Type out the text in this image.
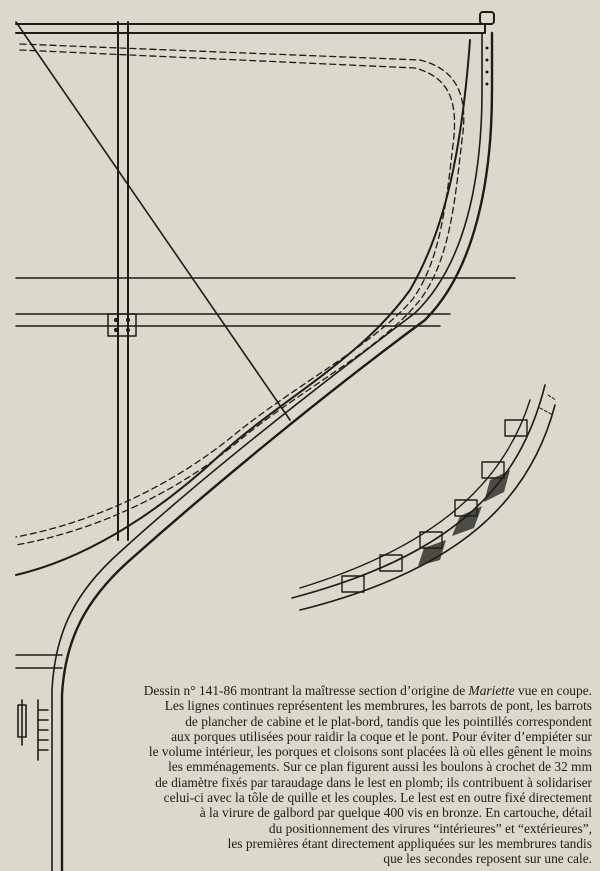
Dessin n° 141-86 montrant la maîtresse section d’origine de Mariette vue en coupe.
Les lignes continues représentent les membrures, les barrots de pont, les barrots
de plancher de cabine et le plat-bord, tandis que les pointillés correspondent
aux porques utilisées pour raidir la coque et le pont. Pour éviter d’empiéter sur
le volume intérieur, les porques et cloisons sont placées là où elles gênent le moins
les emménagements. Sur ce plan figurent aussi les boulons à crochet de 32 mm
de diamètre fixés par taraudage dans le lest en plomb; ils contribuent à solidariser
celui-ci avec la tôle de quille et les couples. Le lest est en outre fixé directement
à la virure de galbord par quelque 400 vis en bronze. En cartouche, détail
du positionnement des virures “intérieures” et “extérieures”,
les premières étant directement appliquées sur les membrures tandis
que les secondes reposent sur une cale.
